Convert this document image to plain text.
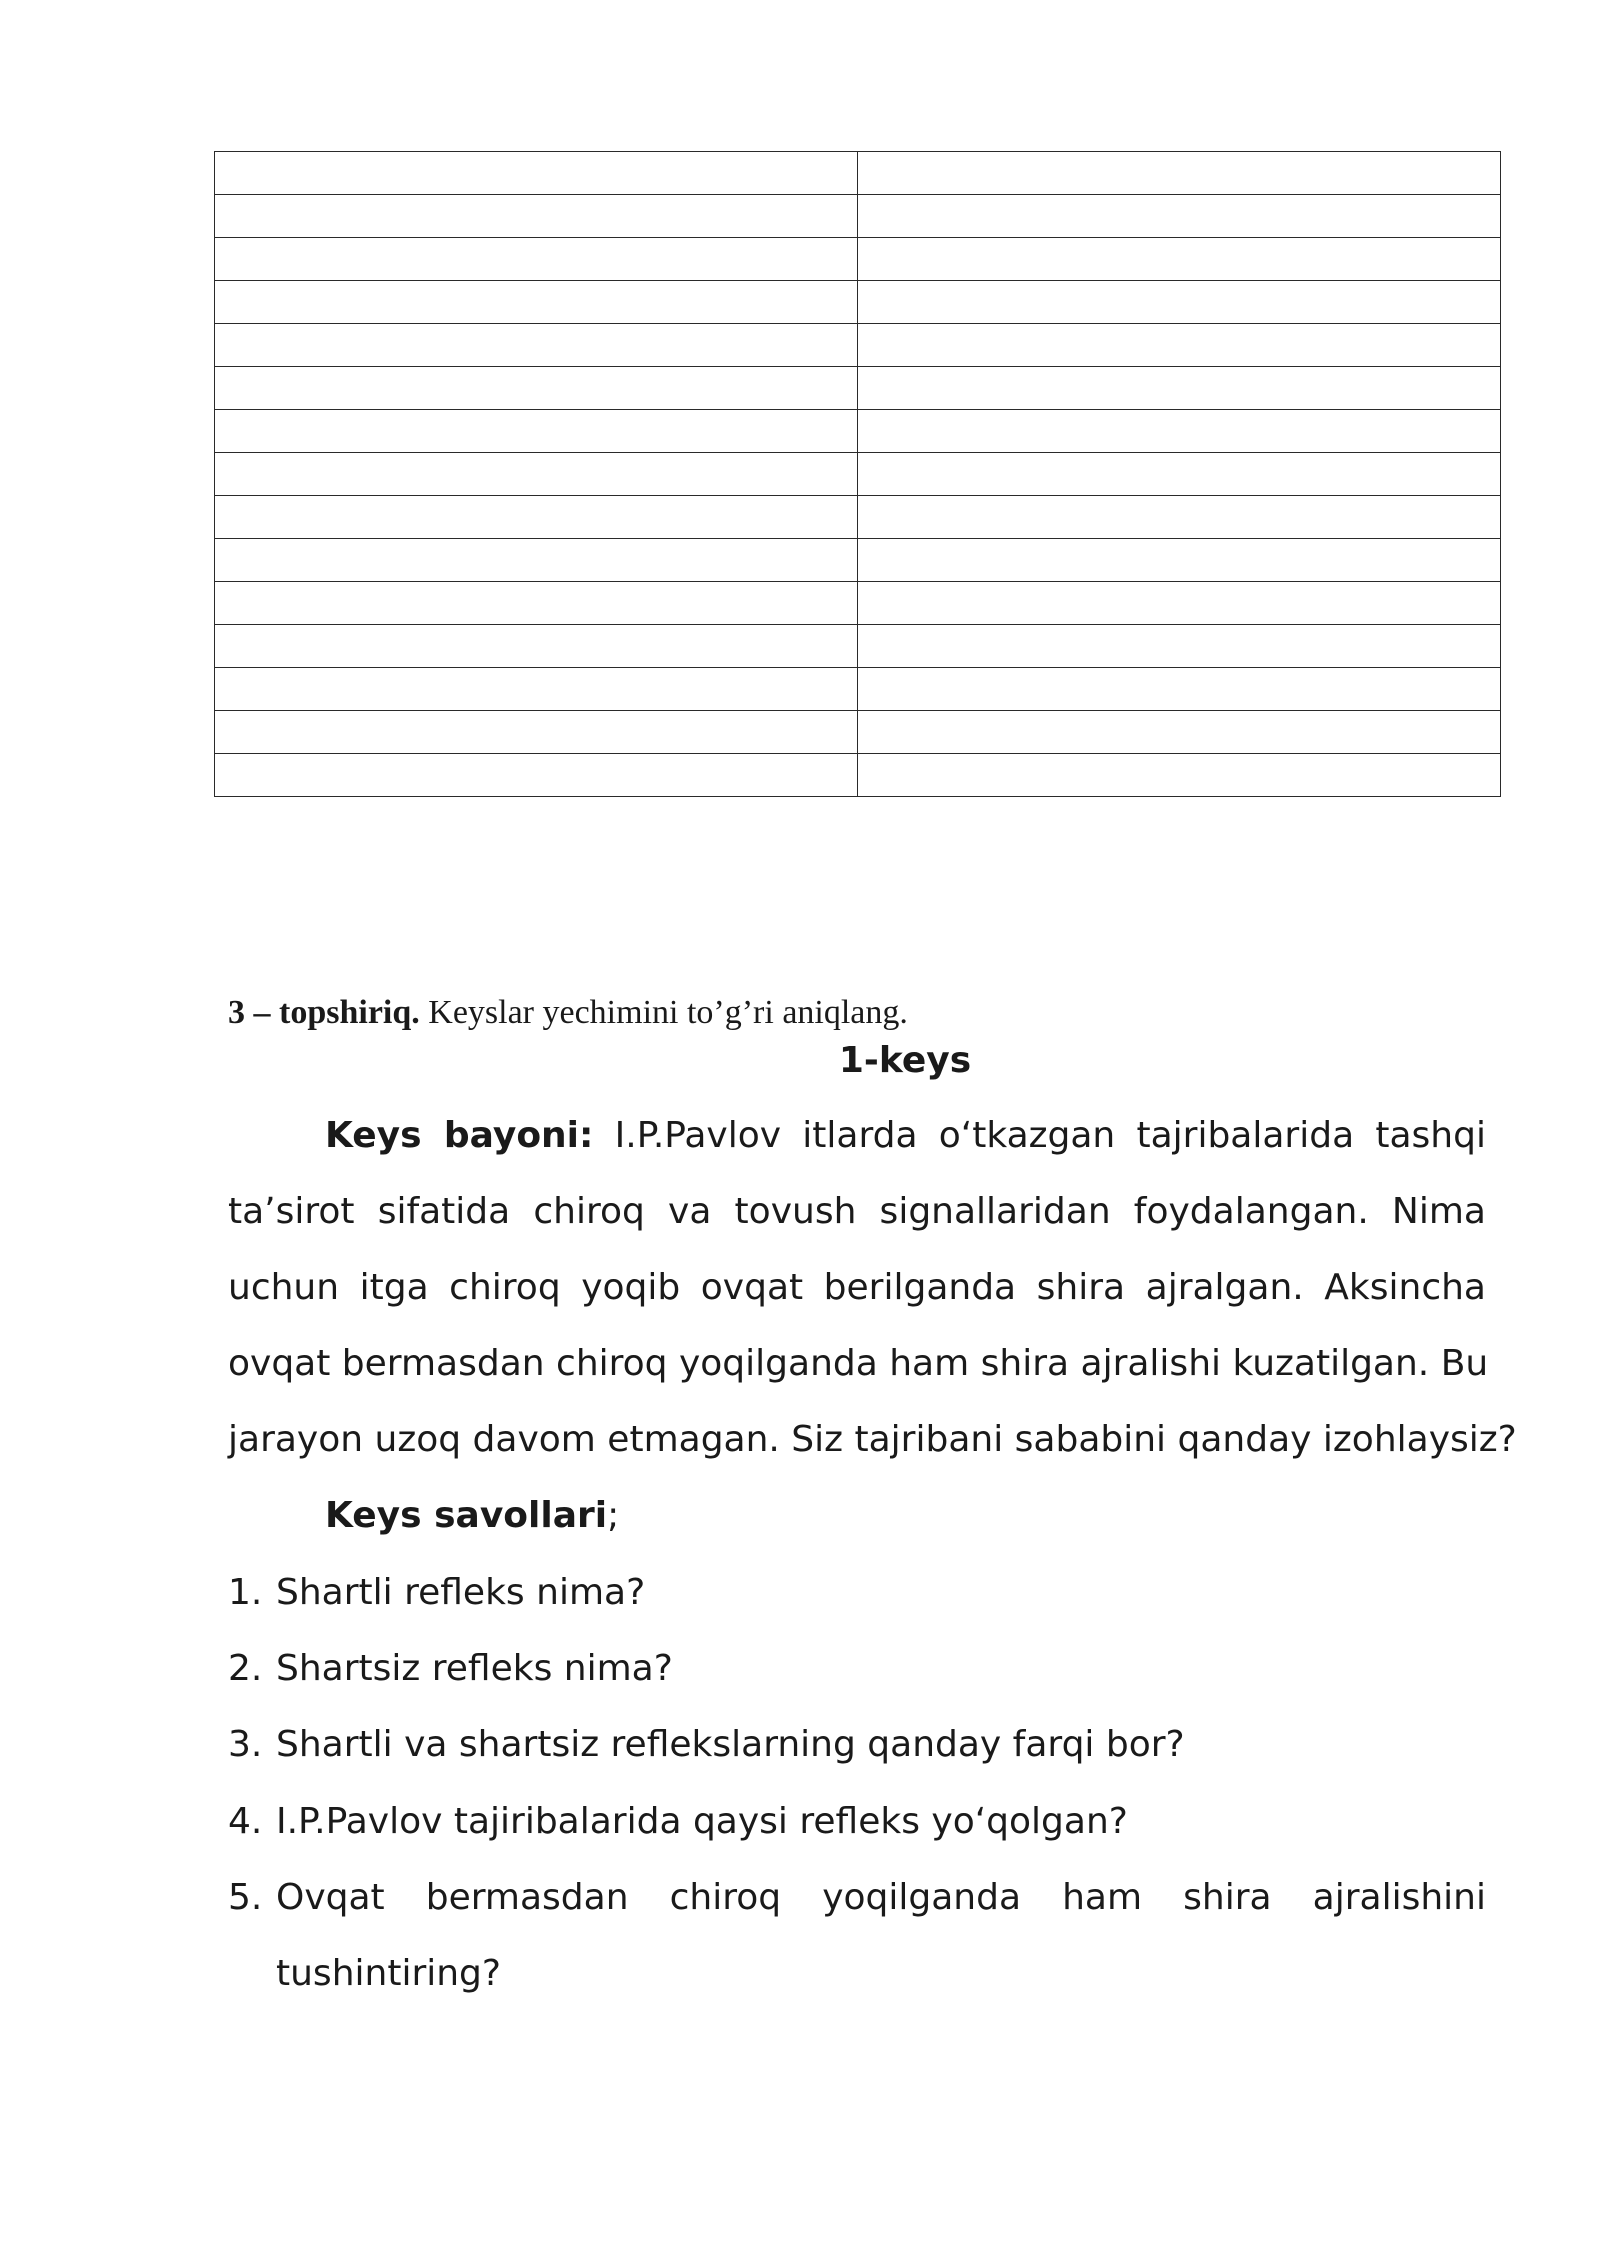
3 – topshiriq. Keyslar yechimini to’g’ri aniqlang.
1-keys
Keys bayoni: I.P.Pavlov itlarda o‘tkazgan tajribalarida tashqi
ta’sirot sifatida chiroq va tovush signallaridan foydalangan. Nima
uchun itga chiroq yoqib ovqat berilganda shira ajralgan. Aksincha
ovqat bermasdan chiroq yoqilganda ham shira ajralishi kuzatilgan. Bu
jarayon uzoq davom etmagan. Siz tajribani sababini qanday izohlaysiz?
Keys savollari;
1. Shartli refleks nima?
2. Shartsiz refleks nima?
3. Shartli va shartsiz reflekslarning qanday farqi bor?
4. I.P.Pavlov tajiribalarida qaysi refleks yo‘qolgan?
5. Ovqat bermasdan chiroq yoqilganda ham shira ajralishini
tushintiring?
